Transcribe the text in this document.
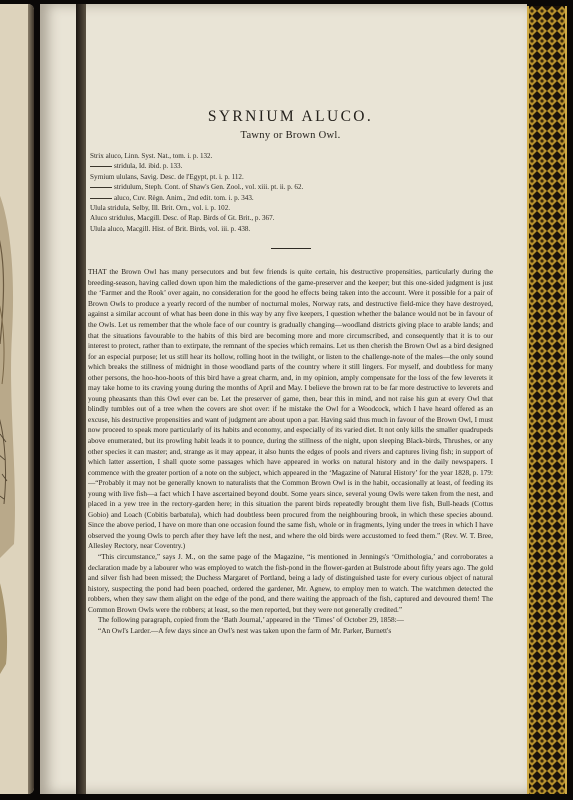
SYRNIUM ALUCO.
Tawny or Brown Owl.
Strix aluco, Linn. Syst. Nat., tom. i. p. 132.
stridula, Id. ibid. p. 133.
Syrnium ululans, Savig. Desc. de l'Egypt, pt. i. p. 112.
stridulum, Steph. Cont. of Shaw's Gen. Zool., vol. xiii. pt. ii. p. 62.
aluco, Cuv. Règn. Anim., 2nd edit. tom. i. p. 343.
Ulula stridula, Selby, Ill. Brit. Orn., vol. i. p. 102.
Aluco stridulus, Macgill. Desc. of Rap. Birds of Gt. Brit., p. 367.
Ulula aluco, Macgill. Hist. of Brit. Birds, vol. iii. p. 438.

THAT the Brown Owl has many persecutors and but few friends is quite certain, his destructive propensities, particularly during the breeding-season, having called down upon him the maledictions of the game-preserver and the keeper; but this one-sided judgment is just the ‘Farmer and the Rook’ over again, no consideration for the good he effects being taken into the account. Were it possible for a pair of Brown Owls to produce a yearly record of the number of nocturnal moles, Norway rats, and destructive field-mice they have destroyed, against a similar account of what has been done in this way by any five keepers, I question whether the balance would not be in favour of the Owls. Let us remember that the whole face of our country is gradually changing—woodland districts giving place to arable lands; and that the situations favourable to the habits of this bird are becoming more and more circumscribed, and consequently that it is to our interest to protect, rather than to extirpate, the remnant of the species which remains. Let us then cherish the Brown Owl as a bird designed for an especial purpose; let us still hear its hollow, rolling hoot in the twilight, or listen to the challenge-note of the males—the only sound which breaks the stillness of midnight in those woodland parts of the country where it still lingers. For myself, and doubtless for many other persons, the hoo-hoo-hoots of this bird have a great charm, and, in my opinion, amply compensate for the loss of the few leverets it may take home to its craving young during the months of April and May. I believe the brown rat to be far more destructive to leverets and young pheasants than this Owl ever can be. Let the preserver of game, then, bear this in mind, and not raise his gun at every Owl that blindly tumbles out of a tree when the covers are shot over: if he mistake the Owl for a Woodcock, which I have heard offered as an excuse, his destructive propensities and want of judgment are about upon a par. Having said thus much in favour of the Brown Owl, I must now proceed to speak more particularly of its habits and economy, and especially of its varied diet. It not only kills the smaller quadrupeds above enumerated, but its prowling habit leads it to pounce, during the stillness of the night, upon sleeping Black-birds, Thrushes, or any other species it can master; and, strange as it may appear, it also hunts the edges of pools and rivers and captures living fish; in support of which latter assertion, I shall quote some passages which have appeared in works on natural history and in the daily newspapers. I commence with the greater portion of a note on the subject, which appeared in the ‘Magazine of Natural History’ for the year 1828, p. 179:—“Probably it may not be generally known to naturalists that the Common Brown Owl is in the habit, occasionally at least, of feeding its young with live fish—a fact which I have ascertained beyond doubt. Some years since, several young Owls were taken from the nest, and placed in a yew tree in the rectory-garden here; in this situation the parent birds repeatedly brought them live fish, Bull-heads (Cottus Gobio) and Loach (Cobitis barbatula), which had doubtless been procured from the neighbouring brook, in which these species abound. Since the above period, I have on more than one occasion found the same fish, whole or in fragments, lying under the trees in which I have observed the young Owls to perch after they have left the nest, and where the old birds were accustomed to feed them.” (Rev. W. T. Bree, Allesley Rectory, near Coventry.)

“This circumstance,” says J. M., on the same page of the Magazine, “is mentioned in Jennings's ‘Ornithologia,’ and corroborates a declaration made by a labourer who was employed to watch the fish-pond in the flower-garden at Bulstrode about fifty years ago. The gold and silver fish had been missed; the Duchess Margaret of Portland, being a lady of distinguished taste for every curious object of natural history, suspecting the pond had been poached, ordered the gardener, Mr. Agnew, to employ men to watch. The watchmen detected the robbers, when they saw them alight on the edge of the pond, and there waiting the approach of the fish, captured and devoured them! The Common Brown Owls were the robbers; at least, so the men reported, but they were not generally credited.”

The following paragraph, copied from the ‘Bath Journal,’ appeared in the ‘Times’ of October 29, 1858:—

“An Owl's Larder.—A few days since an Owl's nest was taken upon the farm of Mr. Parker, Burnett's
